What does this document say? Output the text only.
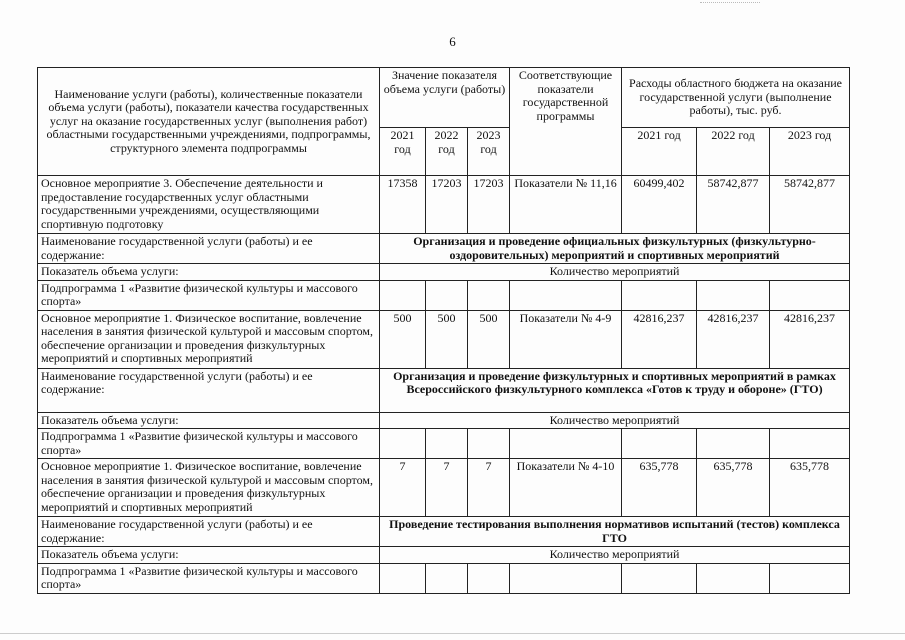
6
Наименование услуги (работы), количественные показатели объема услуги (работы), показатели качества государственных услуг на оказание государственных услуг (выполнения работ) областными государственными учреждениями, подпрограммы, структурного элемента подпрограммы	Значение показателя объема услуги (работы)			Соответствующие показатели государственной программы	Расходы областного бюджета на оказание государственной услуги (выполнение работы), тыс. руб.		
	2021 год	2022 год	2023 год		2021 год	2022 год	2023 год
Основное мероприятие 3. Обеспечение деятельности и предоставление государственных услуг областными государственными учреждениями, осуществляющими спортивную подготовку	17358	17203	17203	Показатели № 11,16	60499,402	58742,877	58742,877
Наименование государственной услуги (работы) и ее содержание:	Организация и проведение официальных физкультурных (физкультурно-оздоровительных) мероприятий и спортивных мероприятий						
Показатель объема услуги:	Количество мероприятий						
Подпрограмма 1 «Развитие физической культуры и массового спорта»							
Основное мероприятие 1. Физическое воспитание, вовлечение населения в занятия физической культурой и массовым спортом, обеспечение организации и проведения физкультурных мероприятий и спортивных мероприятий	500	500	500	Показатели № 4-9	42816,237	42816,237	42816,237
Наименование государственной услуги (работы) и ее содержание:	Организация и проведение физкультурных и спортивных мероприятий в рамках Всероссийского физкультурного комплекса «Готов к труду и обороне» (ГТО)						
Показатель объема услуги:	Количество мероприятий						
Подпрограмма 1 «Развитие физической культуры и массового спорта»							
Основное мероприятие 1. Физическое воспитание, вовлечение населения в занятия физической культурой и массовым спортом, обеспечение организации и проведения физкультурных мероприятий и спортивных мероприятий	7	7	7	Показатели № 4-10	635,778	635,778	635,778
Наименование государственной услуги (работы) и ее содержание:	Проведение тестирования выполнения нормативов испытаний (тестов) комплекса ГТО						
Показатель объема услуги:	Количество мероприятий						
Подпрограмма 1 «Развитие физической культуры и массового спорта»							
